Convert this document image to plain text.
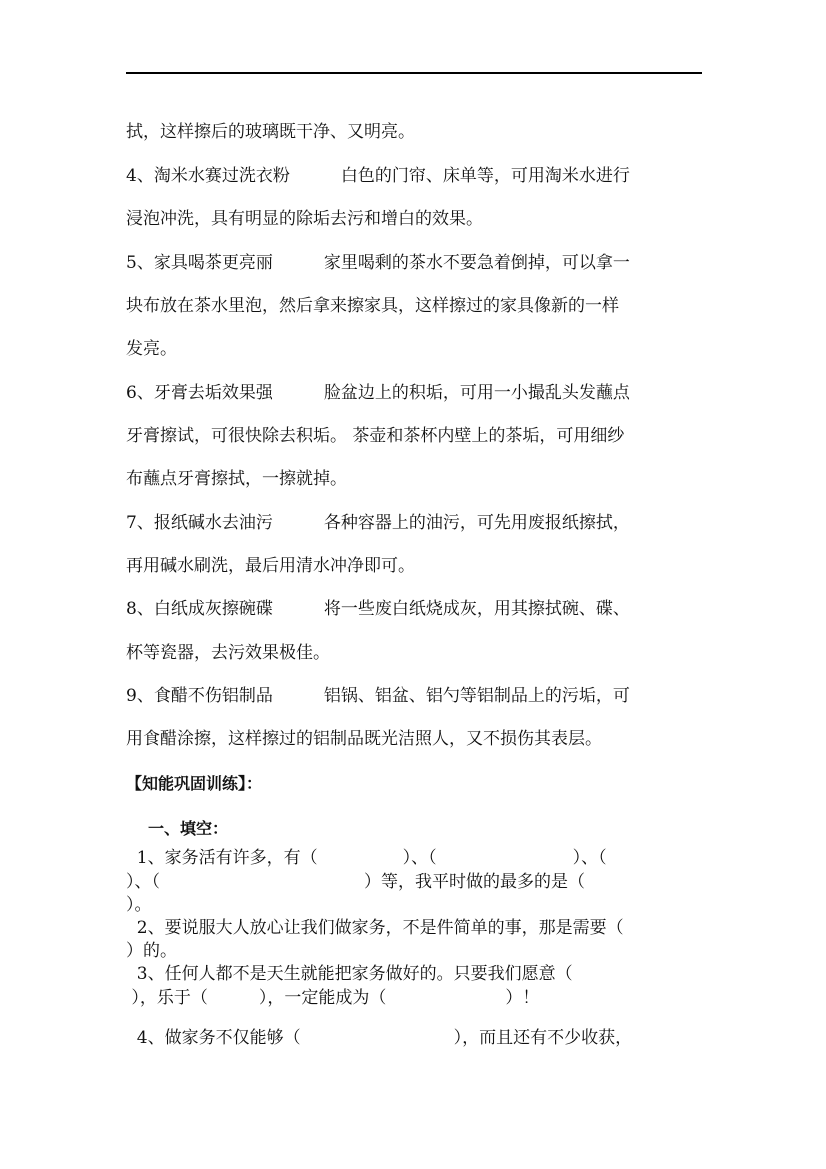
拭，这样擦后的玻璃既干净、又明亮。
4、淘米水赛过洗衣粉　　　白色的门帘、床单等，可用淘米水进行
浸泡冲洗，具有明显的除垢去污和增白的效果。
5、家具喝茶更亮丽　　　家里喝剩的茶水不要急着倒掉，可以拿一
块布放在茶水里泡，然后拿来擦家具，这样擦过的家具像新的一样
发亮。
6、牙膏去垢效果强　　　脸盆边上的积垢，可用一小撮乱头发蘸点
牙膏擦试，可很快除去积垢。 茶壶和茶杯内壁上的茶垢，可用细纱
布蘸点牙膏擦拭，一擦就掉。
7、报纸碱水去油污　　　各种容器上的油污，可先用废报纸擦拭，
再用碱水刷洗，最后用清水冲净即可。
8、白纸成灰擦碗碟　　　将一些废白纸烧成灰，用其擦拭碗、碟、
杯等瓷器，去污效果极佳。
9、食醋不伤铝制品　　　铝锅、铝盆、铝勺等铝制品上的污垢，可
用食醋涂擦，这样擦过的铝制品既光洁照人，又不损伤其表层。
【知能巩固训练】：
一、填空：
1、家务活有许多，有（　　　　　）、（　　　　　　　　）、（
）、（　　　　　　　　　　　　）等，我平时做的最多的是（
）。
2、要说服大人放心让我们做家务，不是件简单的事，那是需要（
）的。
3、任何人都不是天生就能把家务做好的。只要我们愿意（
），乐于（　　　），一定能成为（　　　　　　　）！
4、做家务不仅能够（　　　　　　　　　），而且还有不少收获，
